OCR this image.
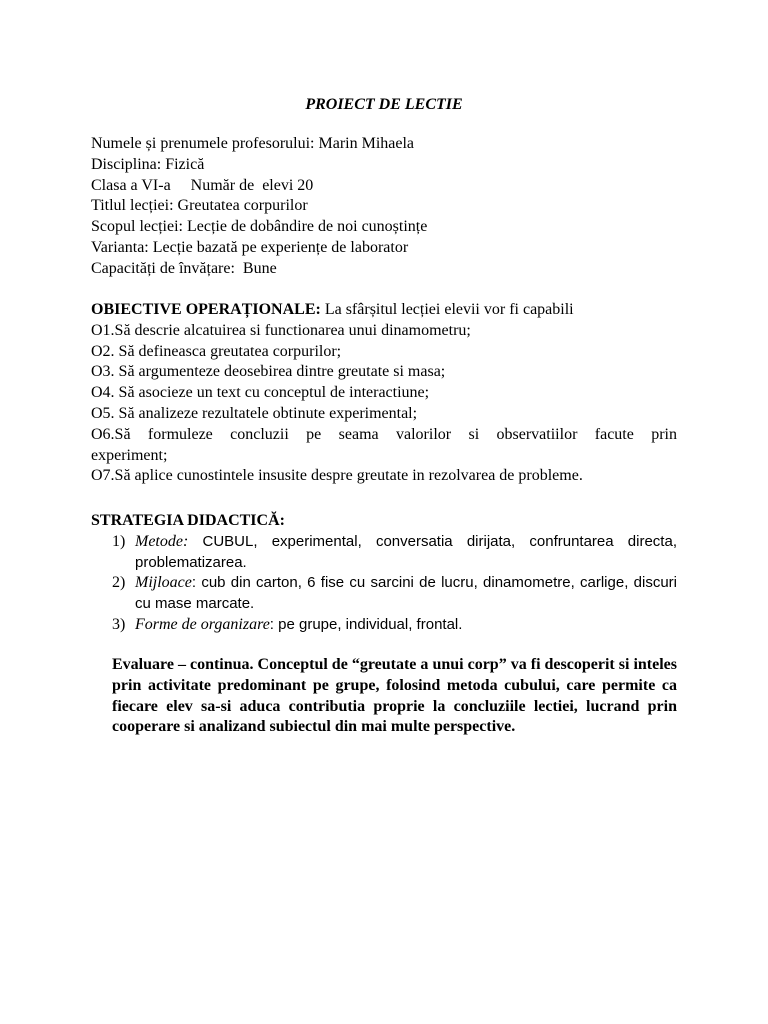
PROIECT DE LECTIE
Numele și prenumele profesorului: Marin Mihaela
Disciplina: Fizică
Clasa a VI-a     Număr de  elevi 20
Titlul lecției: Greutatea corpurilor
Scopul lecției: Lecție de dobândire de noi cunoștințe
Varianta: Lecție bazată pe experiențe de laborator
Capacități de învățare:  Bune
OBIECTIVE OPERAȚIONALE: La sfârșitul lecției elevii vor fi capabili
O1.Să descrie alcatuirea si functionarea unui dinamometru;
O2. Să defineasca greutatea corpurilor;
O3. Să argumenteze deosebirea dintre greutate si masa;
O4. Să asocieze un text cu conceptul de interactiune;
O5. Să analizeze rezultatele obtinute experimental;
O6.Să formuleze concluzii pe seama valorilor si observatiilor facute prin
experiment;
O7.Să aplice cunostintele insusite despre greutate in rezolvarea de probleme.
STRATEGIA DIDACTICĂ:
1) Metode: CUBUL, experimental, conversatia dirijata, confruntarea directa, problematizarea.
2) Mijloace: cub din carton, 6 fise cu sarcini de lucru, dinamometre, carlige, discuri cu mase marcate.
3) Forme de organizare: pe grupe, individual, frontal.
Evaluare – continua. Conceptul de “greutate a unui corp” va fi descoperit si inteles prin activitate predominant pe grupe, folosind metoda cubului, care permite ca fiecare elev sa-si aduca contributia proprie la concluziile lectiei, lucrand prin cooperare si analizand subiectul din mai multe perspective.
